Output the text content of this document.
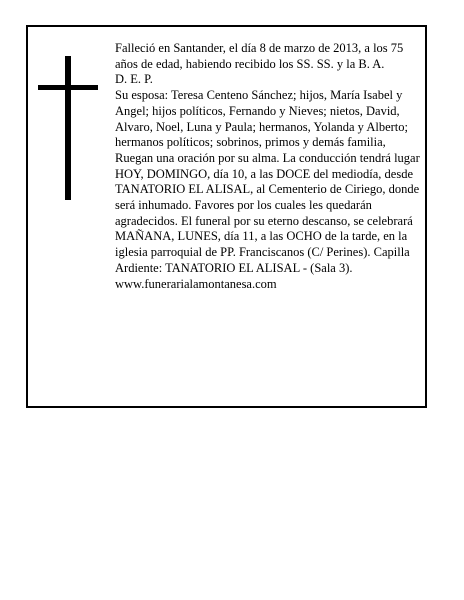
Falleció en Santander, el día 8 de marzo de 2013, a los 75 años de edad, habiendo recibido los SS. SS. y la B. A.

D. E. P.

Su esposa: Teresa Centeno Sánchez; hijos, María Isabel y Angel; hijos políticos, Fernando y Nieves; nietos, David, Alvaro, Noel, Luna y Paula; hermanos, Yolanda y Alberto; hermanos políticos; sobrinos, primos y demás familia,

Ruegan una oración por su alma. La conducción tendrá lugar HOY, DOMINGO, día 10, a las DOCE del mediodía, desde TANATORIO EL ALISAL, al Cementerio de Ciriego, donde será inhumado. Favores por los cuales les quedarán agradecidos. El funeral por su eterno descanso, se celebrará MAÑANA, LUNES, día 11, a las OCHO de la tarde, en la iglesia parroquial de PP. Franciscanos (C/ Perines). Capilla Ardiente: TANATORIO EL ALISAL - (Sala 3).

www.funerarialamontanesa.com
